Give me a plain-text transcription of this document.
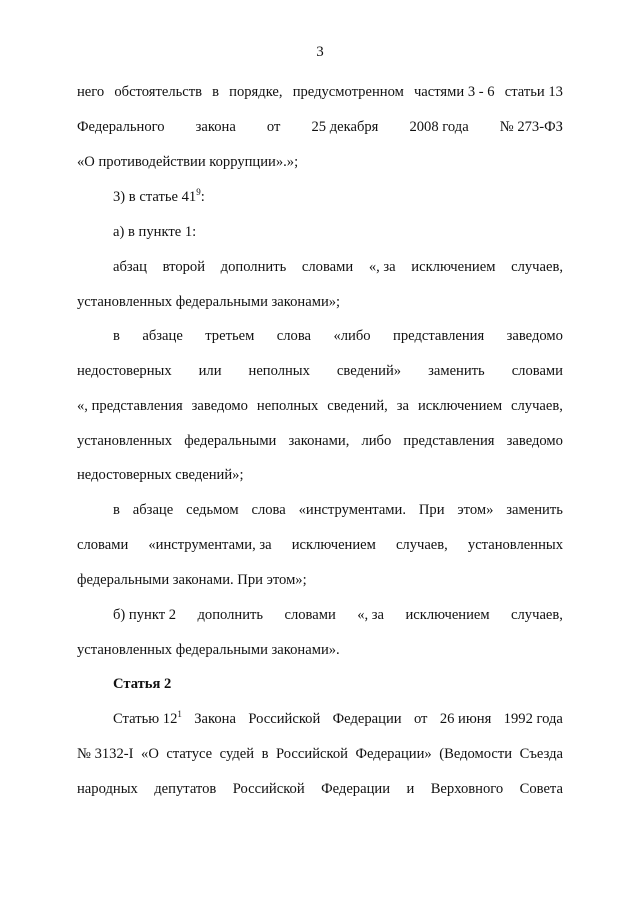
3
него обстоятельств в порядке, предусмотренном частями 3 - 6 статьи 13
Федерального закона от 25 декабря 2008 года № 273-ФЗ
«О противодействии коррупции».»;
3) в статье $41^9$:
а) в пункте 1:
абзац второй дополнить словами «, за исключением случаев,
установленных федеральными законами»;
в абзаце третьем слова «либо представления заведомо
недостоверных или неполных сведений» заменить словами
«, представления заведомо неполных сведений, за исключением случаев,
установленных федеральными законами, либо представления заведомо
недостоверных сведений»;
в абзаце седьмом слова «инструментами. При этом» заменить
словами «инструментами, за исключением случаев, установленных
федеральными законами. При этом»;
б) пункт 2 дополнить словами «, за исключением случаев,
установленных федеральными законами».
Статья 2
Статью $12^1$ Закона Российской Федерации от 26 июня 1992 года
№ 3132-I «О статусе судей в Российской Федерации» (Ведомости Съезда
народных депутатов Российской Федерации и Верховного Совета
